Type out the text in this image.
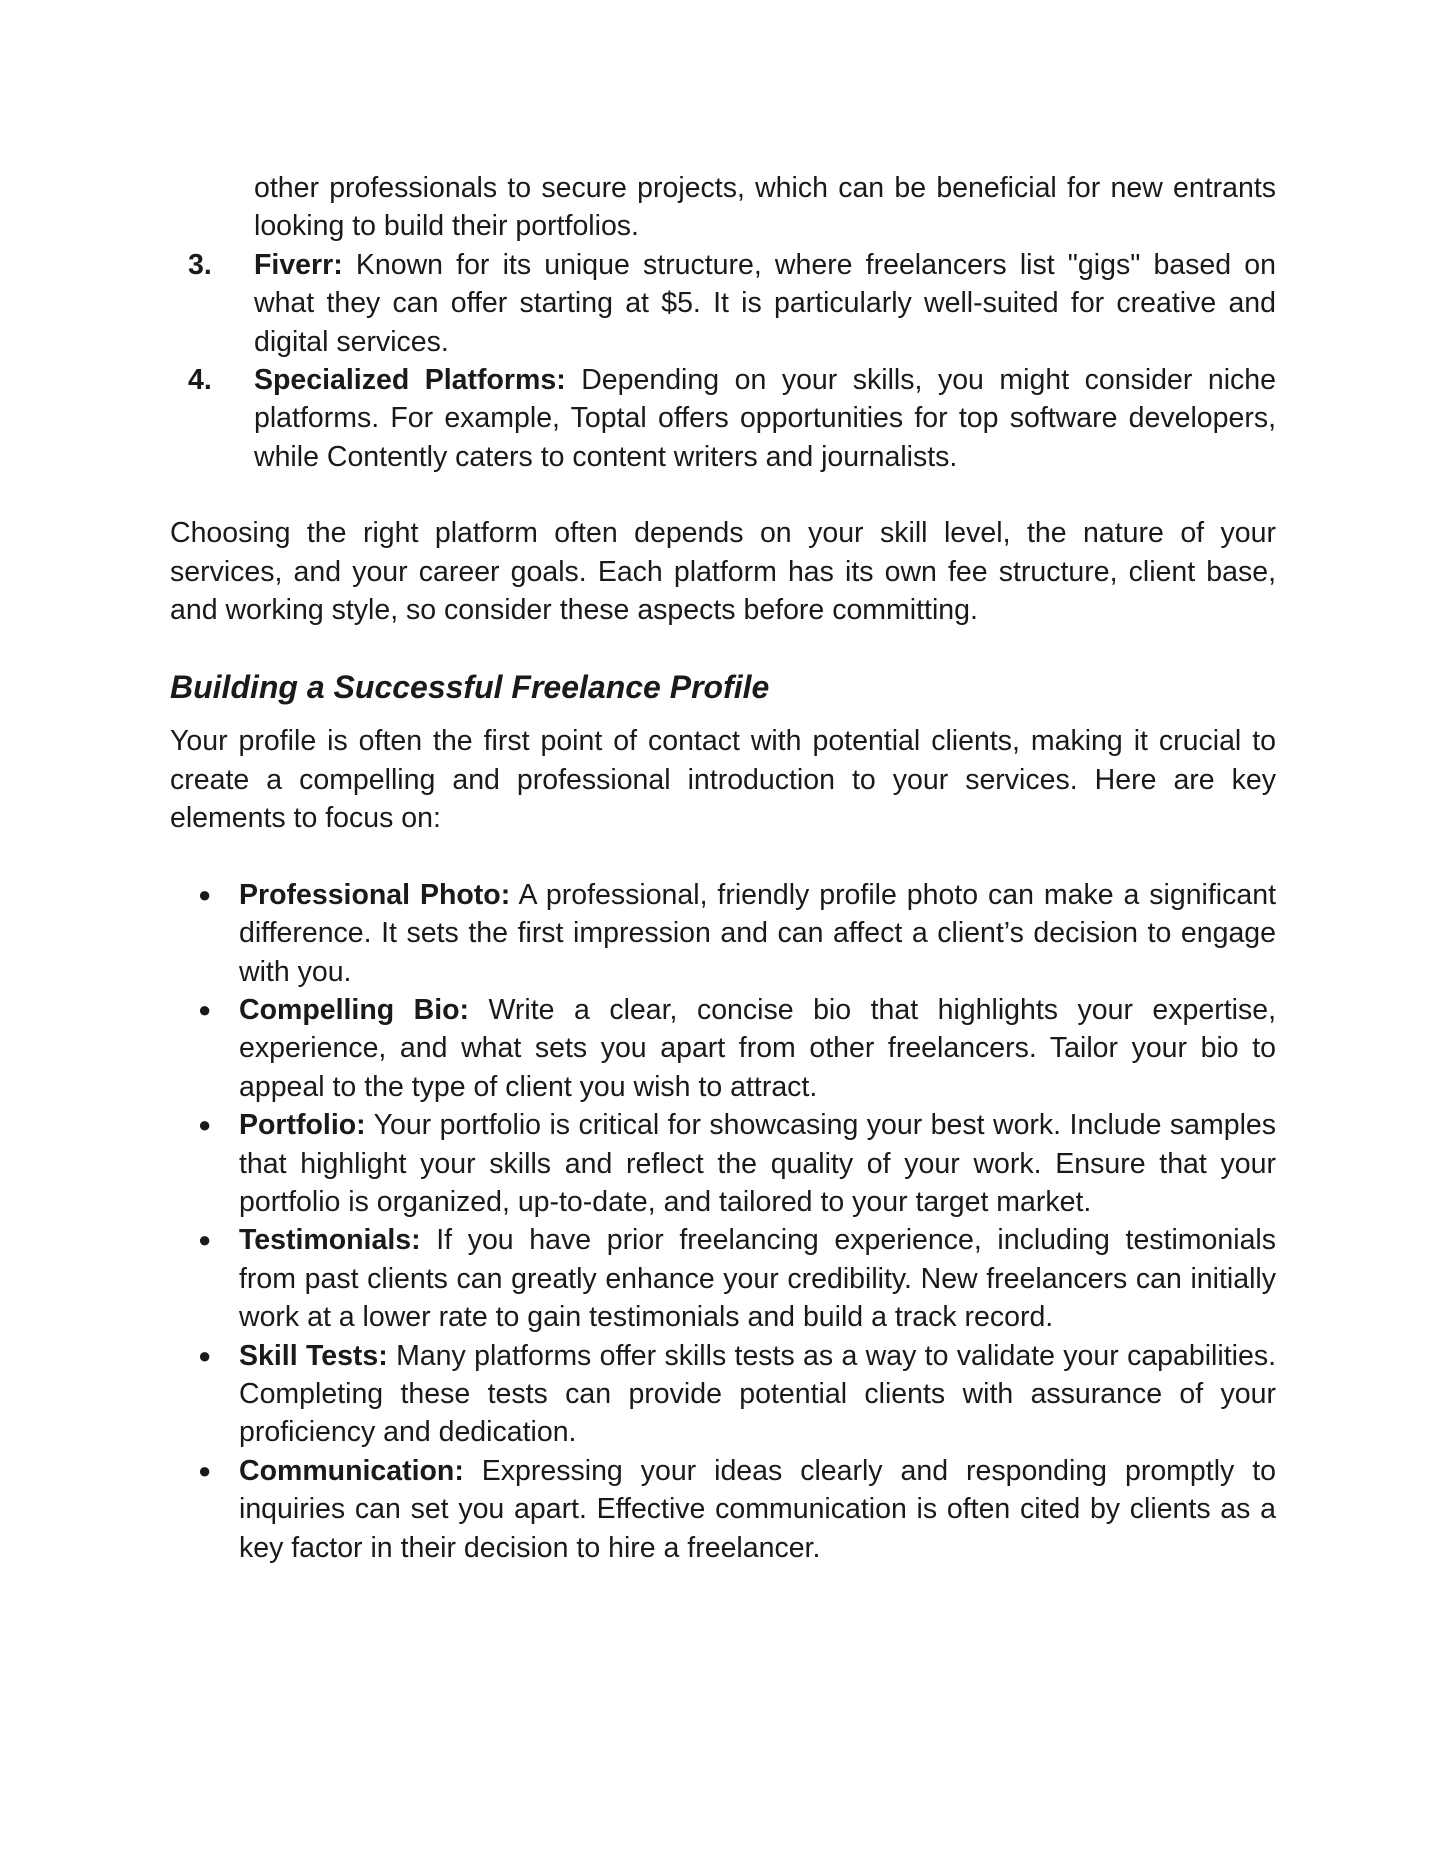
other professionals to secure projects, which can be beneficial for new entrants looking to build their portfolios.
3. Fiverr: Known for its unique structure, where freelancers list "gigs" based on what they can offer starting at $5. It is particularly well-suited for creative and digital services.
4. Specialized Platforms: Depending on your skills, you might consider niche platforms. For example, Toptal offers opportunities for top software developers, while Contently caters to content writers and journalists.

Choosing the right platform often depends on your skill level, the nature of your services, and your career goals. Each platform has its own fee structure, client base, and working style, so consider these aspects before committing.

Building a Successful Freelance Profile

Your profile is often the first point of contact with potential clients, making it crucial to create a compelling and professional introduction to your services. Here are key elements to focus on:

● Professional Photo: A professional, friendly profile photo can make a significant difference. It sets the first impression and can affect a client’s decision to engage with you.
● Compelling Bio: Write a clear, concise bio that highlights your expertise, experience, and what sets you apart from other freelancers. Tailor your bio to appeal to the type of client you wish to attract.
● Portfolio: Your portfolio is critical for showcasing your best work. Include samples that highlight your skills and reflect the quality of your work. Ensure that your portfolio is organized, up-to-date, and tailored to your target market.
● Testimonials: If you have prior freelancing experience, including testimonials from past clients can greatly enhance your credibility. New freelancers can initially work at a lower rate to gain testimonials and build a track record.
● Skill Tests: Many platforms offer skills tests as a way to validate your capabilities. Completing these tests can provide potential clients with assurance of your proficiency and dedication.
● Communication: Expressing your ideas clearly and responding promptly to inquiries can set you apart. Effective communication is often cited by clients as a key factor in their decision to hire a freelancer.
